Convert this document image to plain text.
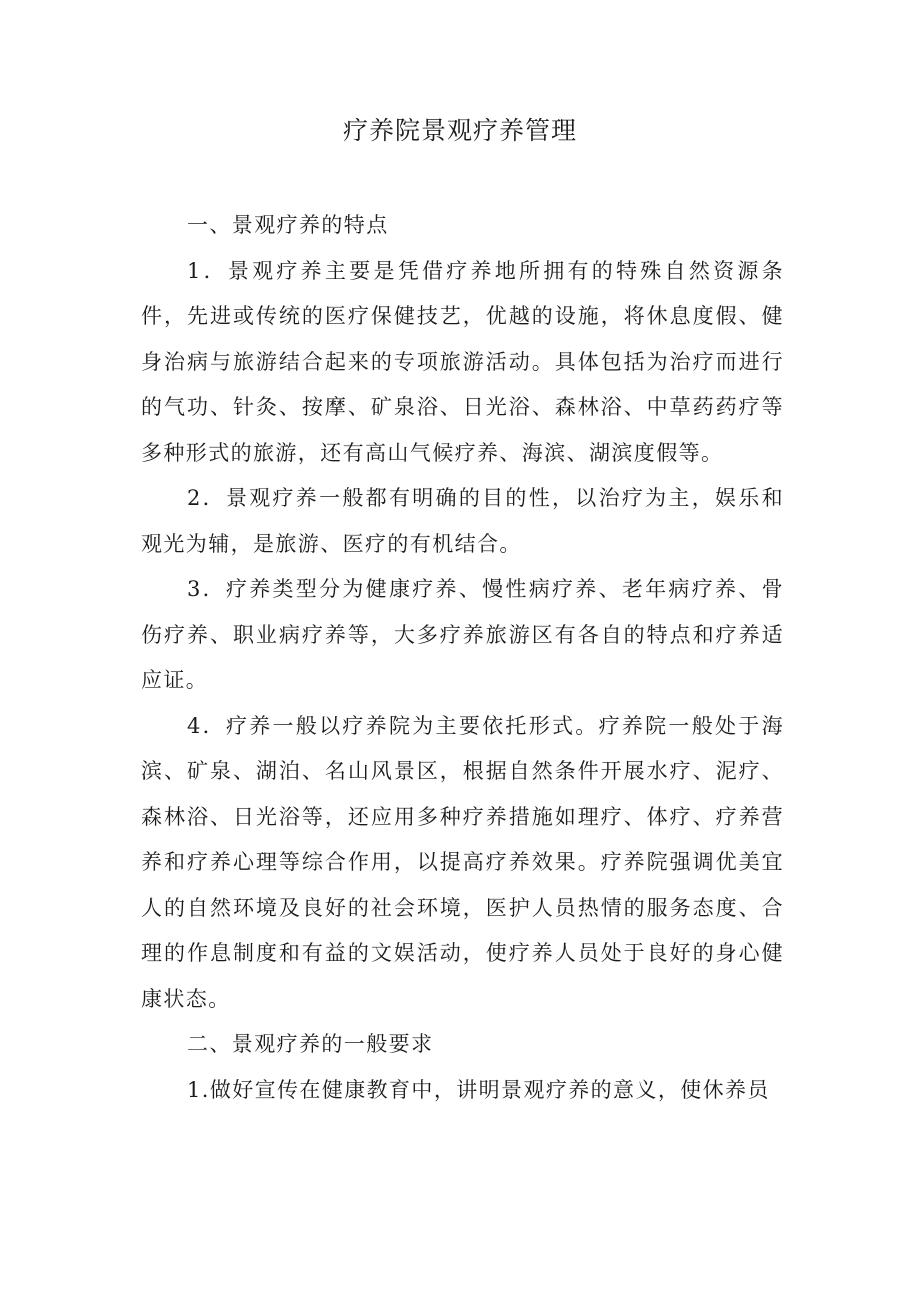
疗养院景观疗养管理

一、景观疗养的特点

1．景观疗养主要是凭借疗养地所拥有的特殊自然资源条件，先进或传统的医疗保健技艺，优越的设施，将休息度假、健身治病与旅游结合起来的专项旅游活动。具体包括为治疗而进行的气功、针灸、按摩、矿泉浴、日光浴、森林浴、中草药药疗等多种形式的旅游，还有高山气候疗养、海滨、湖滨度假等。

2．景观疗养一般都有明确的目的性，以治疗为主，娱乐和观光为辅，是旅游、医疗的有机结合。

3．疗养类型分为健康疗养、慢性病疗养、老年病疗养、骨伤疗养、职业病疗养等，大多疗养旅游区有各自的特点和疗养适应证。

4．疗养一般以疗养院为主要依托形式。疗养院一般处于海滨、矿泉、湖泊、名山风景区，根据自然条件开展水疗、泥疗、森林浴、日光浴等，还应用多种疗养措施如理疗、体疗、疗养营养和疗养心理等综合作用，以提高疗养效果。疗养院强调优美宜人的自然环境及良好的社会环境，医护人员热情的服务态度、合理的作息制度和有益的文娱活动，使疗养人员处于良好的身心健康状态。

二、景观疗养的一般要求

1.做好宣传在健康教育中，讲明景观疗养的意义，使休养员
